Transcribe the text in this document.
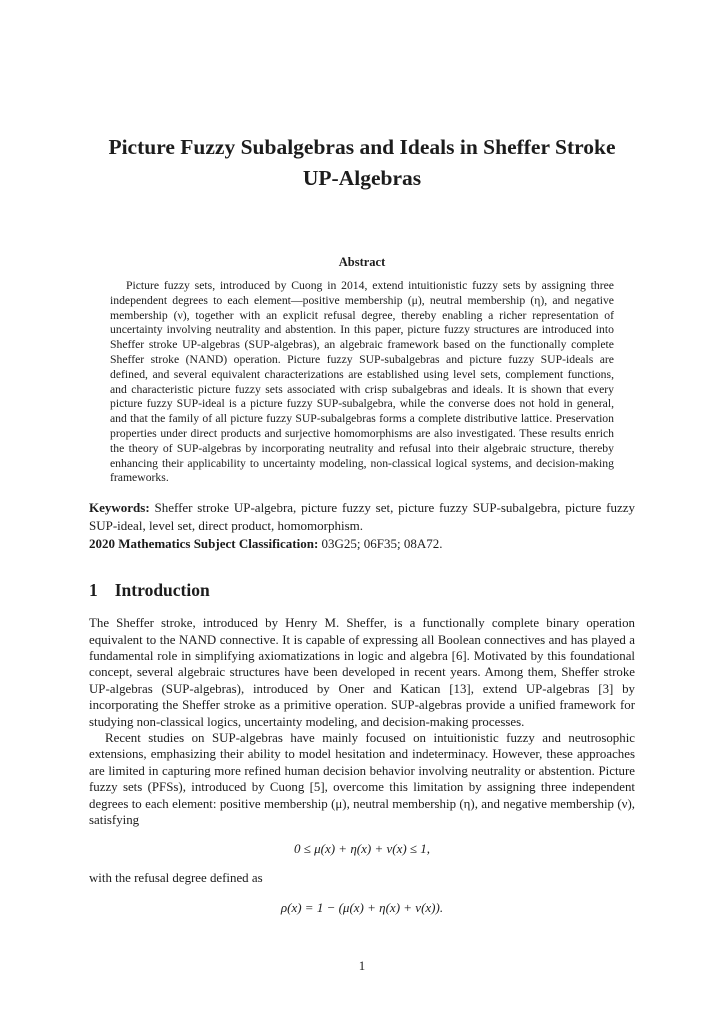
Picture Fuzzy Subalgebras and Ideals in Sheffer Stroke UP-Algebras
Abstract

Picture fuzzy sets, introduced by Cuong in 2014, extend intuitionistic fuzzy sets by assigning three independent degrees to each element—positive membership (μ), neutral membership (η), and negative membership (ν), together with an explicit refusal degree, thereby enabling a richer representation of uncertainty involving neutrality and abstention. In this paper, picture fuzzy structures are introduced into Sheffer stroke UP-algebras (SUP-algebras), an algebraic framework based on the functionally complete Sheffer stroke (NAND) operation. Picture fuzzy SUP-subalgebras and picture fuzzy SUP-ideals are defined, and several equivalent characterizations are established using level sets, complement functions, and characteristic picture fuzzy sets associated with crisp subalgebras and ideals. It is shown that every picture fuzzy SUP-ideal is a picture fuzzy SUP-subalgebra, while the converse does not hold in general, and that the family of all picture fuzzy SUP-subalgebras forms a complete distributive lattice. Preservation properties under direct products and surjective homomorphisms are also investigated. These results enrich the theory of SUP-algebras by incorporating neutrality and refusal into their algebraic structure, thereby enhancing their applicability to uncertainty modeling, non-classical logical systems, and decision-making frameworks.

Keywords: Sheffer stroke UP-algebra, picture fuzzy set, picture fuzzy SUP-subalgebra, picture fuzzy SUP-ideal, level set, direct product, homomorphism.

2020 Mathematics Subject Classification: 03G25; 06F35; 08A72.

1 Introduction

The Sheffer stroke, introduced by Henry M. Sheffer, is a functionally complete binary operation equivalent to the NAND connective. It is capable of expressing all Boolean connectives and has played a fundamental role in simplifying axiomatizations in logic and algebra [6]. Motivated by this foundational concept, several algebraic structures have been developed in recent years. Among them, Sheffer stroke UP-algebras (SUP-algebras), introduced by Oner and Katican [13], extend UP-algebras [3] by incorporating the Sheffer stroke as a primitive operation. SUP-algebras provide a unified framework for studying non-classical logics, uncertainty modeling, and decision-making processes.

Recent studies on SUP-algebras have mainly focused on intuitionistic fuzzy and neutrosophic extensions, emphasizing their ability to model hesitation and indeterminacy. However, these approaches are limited in capturing more refined human decision behavior involving neutrality or abstention. Picture fuzzy sets (PFSs), introduced by Cuong [5], overcome this limitation by assigning three independent degrees to each element: positive membership (μ), neutral membership (η), and negative membership (ν), satisfying

0 ≤ μ(x) + η(x) + ν(x) ≤ 1,

with the refusal degree defined as

ρ(x) = 1 − (μ(x) + η(x) + ν(x)).
1
